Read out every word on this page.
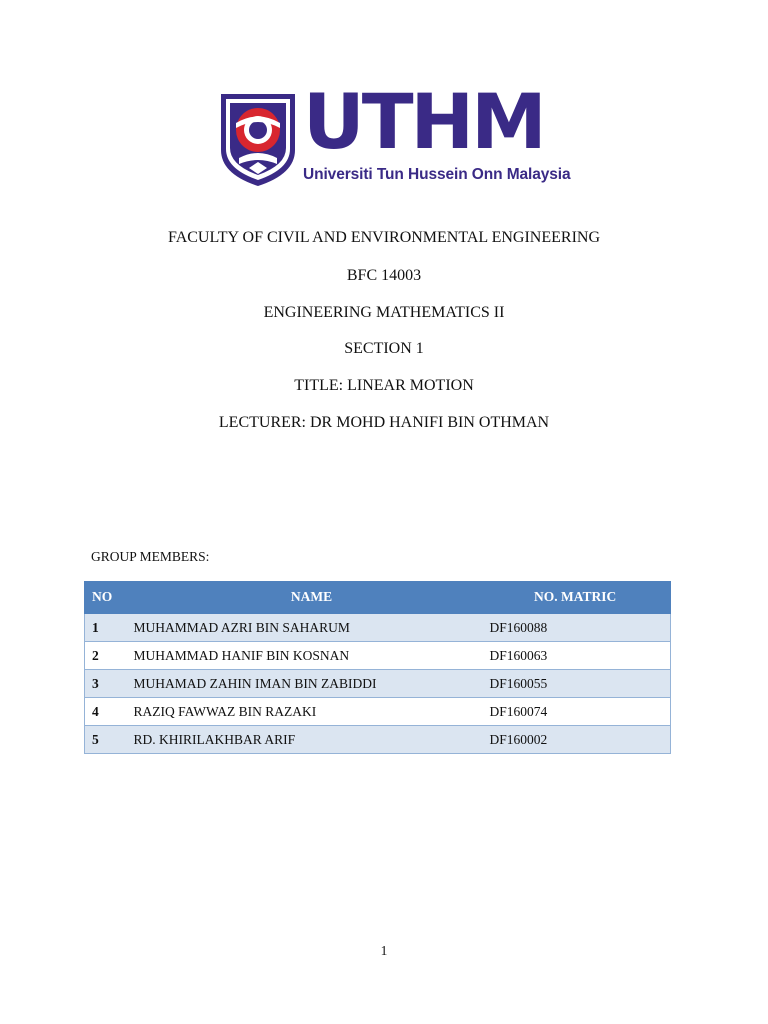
UTHM
Universiti Tun Hussein Onn Malaysia
FACULTY OF CIVIL AND ENVIRONMENTAL ENGINEERING
BFC 14003
ENGINEERING MATHEMATICS II
SECTION 1
TITLE: LINEAR MOTION
LECTURER: DR MOHD HANIFI BIN OTHMAN
GROUP MEMBERS:
NO	NAME	NO. MATRIC
1	MUHAMMAD AZRI BIN SAHARUM	DF160088
2	MUHAMMAD HANIF BIN KOSNAN	DF160063
3	MUHAMAD ZAHIN IMAN BIN ZABIDDI	DF160055
4	RAZIQ FAWWAZ BIN RAZAKI	DF160074
5	RD. KHIRILAKHBAR ARIF	DF160002
1
